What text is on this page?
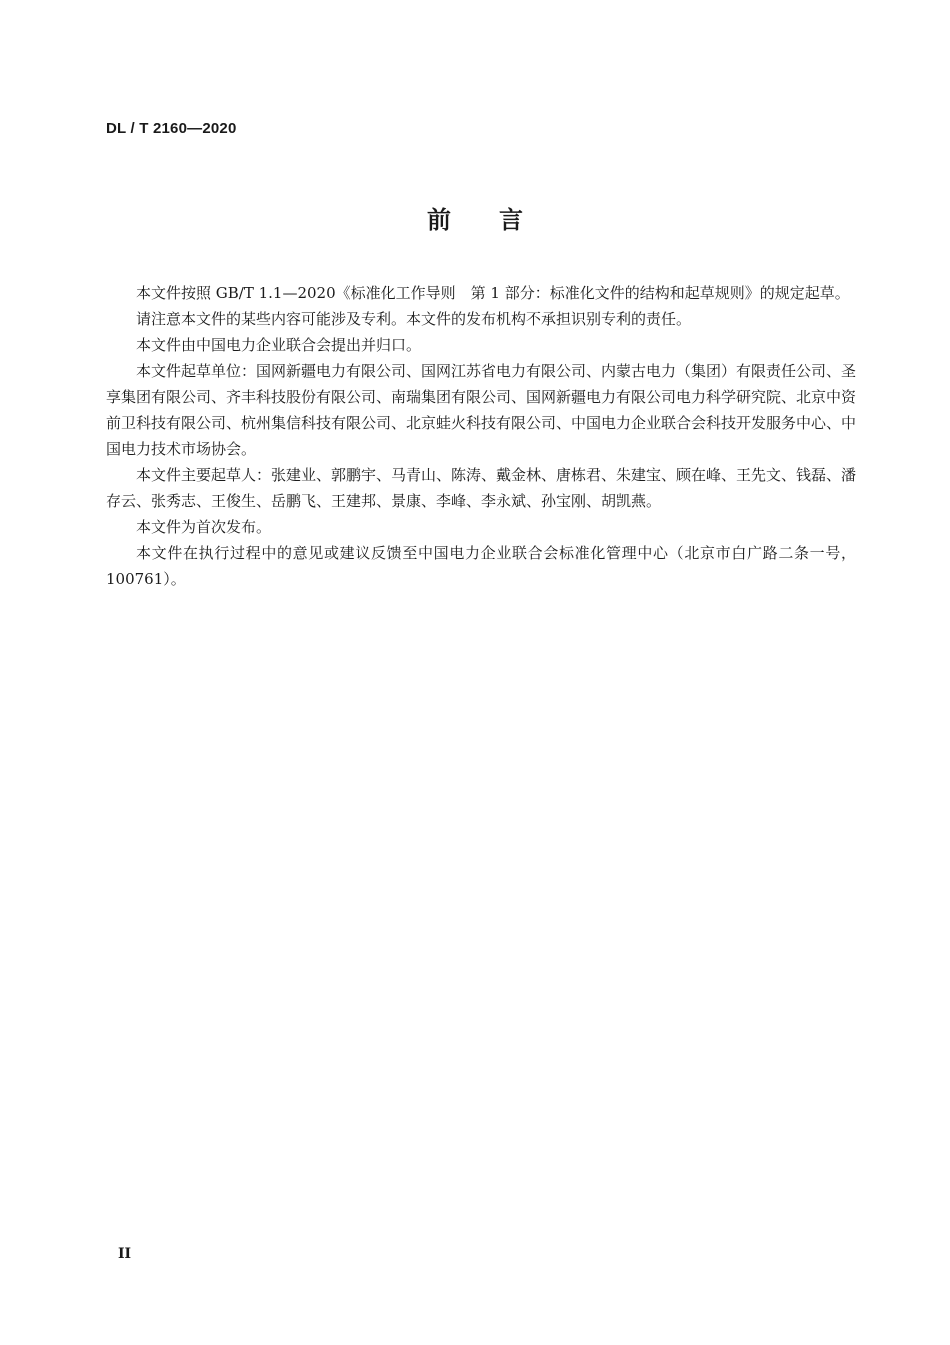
DL / T 2160—2020
前 言

本文件按照 GB/T 1.1—2020《标准化工作导则　第 1 部分：标准化文件的结构和起草规则》的规定起草。

请注意本文件的某些内容可能涉及专利。本文件的发布机构不承担识别专利的责任。

本文件由中国电力企业联合会提出并归口。

本文件起草单位：国网新疆电力有限公司、国网江苏省电力有限公司、内蒙古电力（集团）有限责任公司、圣享集团有限公司、齐丰科技股份有限公司、南瑞集团有限公司、国网新疆电力有限公司电力科学研究院、北京中资前卫科技有限公司、杭州集信科技有限公司、北京蛙火科技有限公司、中国电力企业联合会科技开发服务中心、中国电力技术市场协会。

本文件主要起草人：张建业、郭鹏宇、马青山、陈涛、戴金林、唐栋君、朱建宝、顾在峰、王先文、钱磊、潘存云、张秀志、王俊生、岳鹏飞、王建邦、景康、李峰、李永斌、孙宝刚、胡凯燕。

本文件为首次发布。

本文件在执行过程中的意见或建议反馈至中国电力企业联合会标准化管理中心（北京市白广路二条一号，100761）。

II
